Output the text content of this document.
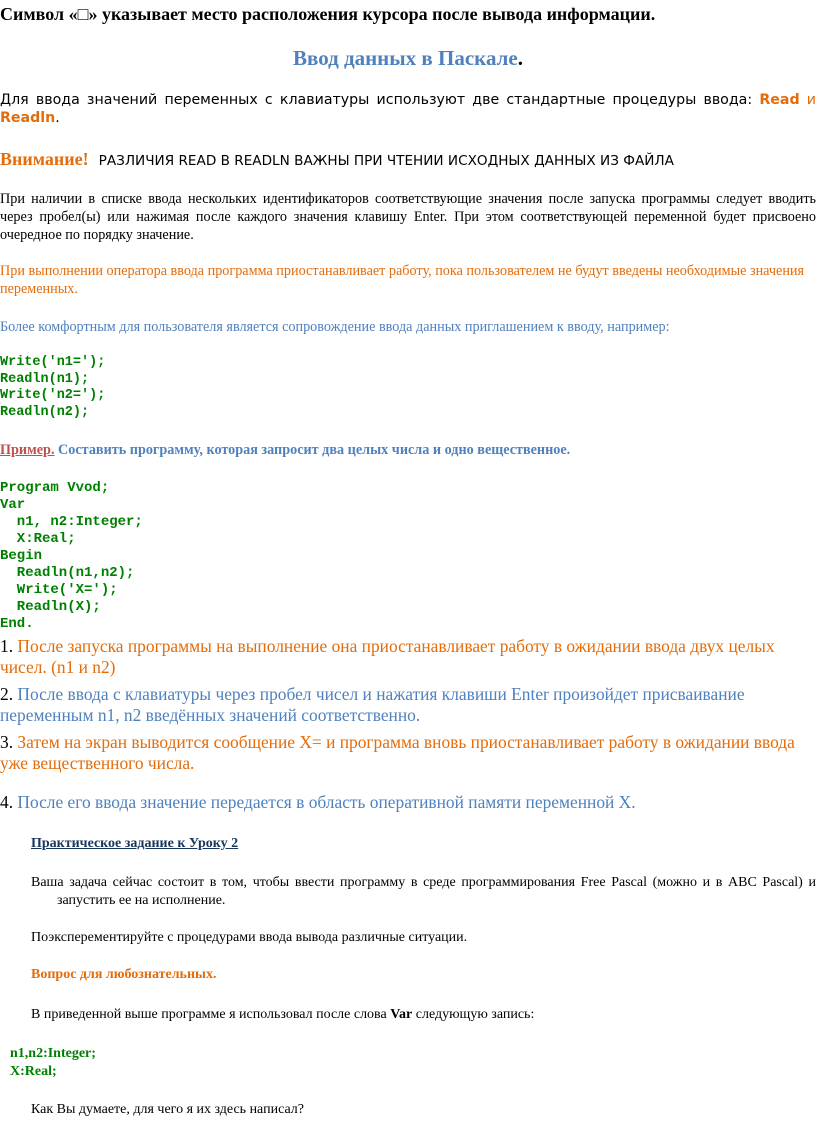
Символ «□» указывает место расположения курсора после вывода информации.

Ввод данных в Паскале.

Для ввода значений переменных с клавиатуры используют две стандартные процедуры ввода: Read и Readln.

Внимание! РАЗЛИЧИЯ READ В READLN ВАЖНЫ ПРИ ЧТЕНИИ ИСХОДНЫХ ДАННЫХ ИЗ ФАЙЛА

При наличии в списке ввода нескольких идентификаторов соответствующие значения после запуска программы следует вводить через пробел(ы) или нажимая после каждого значения клавишу Enter. При этом соответствующей переменной будет присвоено очередное по порядку значение.

При выполнении оператора ввода программа приостанавливает работу, пока пользователем не будут введены необходимые значения переменных.

Более комфортным для пользователя является сопровождение ввода данных приглашением к вводу, например:

Write('n1=');

Readln(n1);

Write('n2=');

Readln(n2);

Пример. Составить программу, которая запросит два целых числа и одно вещественное.

Program Vvod;

Var

n1, n2:Integer;

X:Real;

Begin

Readln(n1,n2);

Write('X=');

Readln(X);

End.

1. После запуска программы на выполнение она приостанавливает работу в ожидании ввода двух целых чисел. (n1 и n2)

2. После ввода с клавиатуры через пробел чисел и нажатия клавиши Enter произойдет присваивание переменным n1, n2 введённых значений соответственно.

3. Затем на экран выводится сообщение X= и программа вновь приостанавливает работу в ожидании ввода уже вещественного числа.

4. После его ввода значение передается в область оперативной памяти переменной X.

Практическое задание к Уроку 2

Ваша задача сейчас состоит в том, чтобы ввести программу в среде программирования Free Pascal (можно и в ABC Pascal) и запустить ее на исполнение.

Поэксперементируйте с процедурами ввода вывода различные ситуации.

Вопрос для любознательных.

В приведенной выше программе я использовал после слова Var следующую запись:

n1,n2:Integer;

X:Real;

Как Вы думаете, для чего я их здесь написал?
